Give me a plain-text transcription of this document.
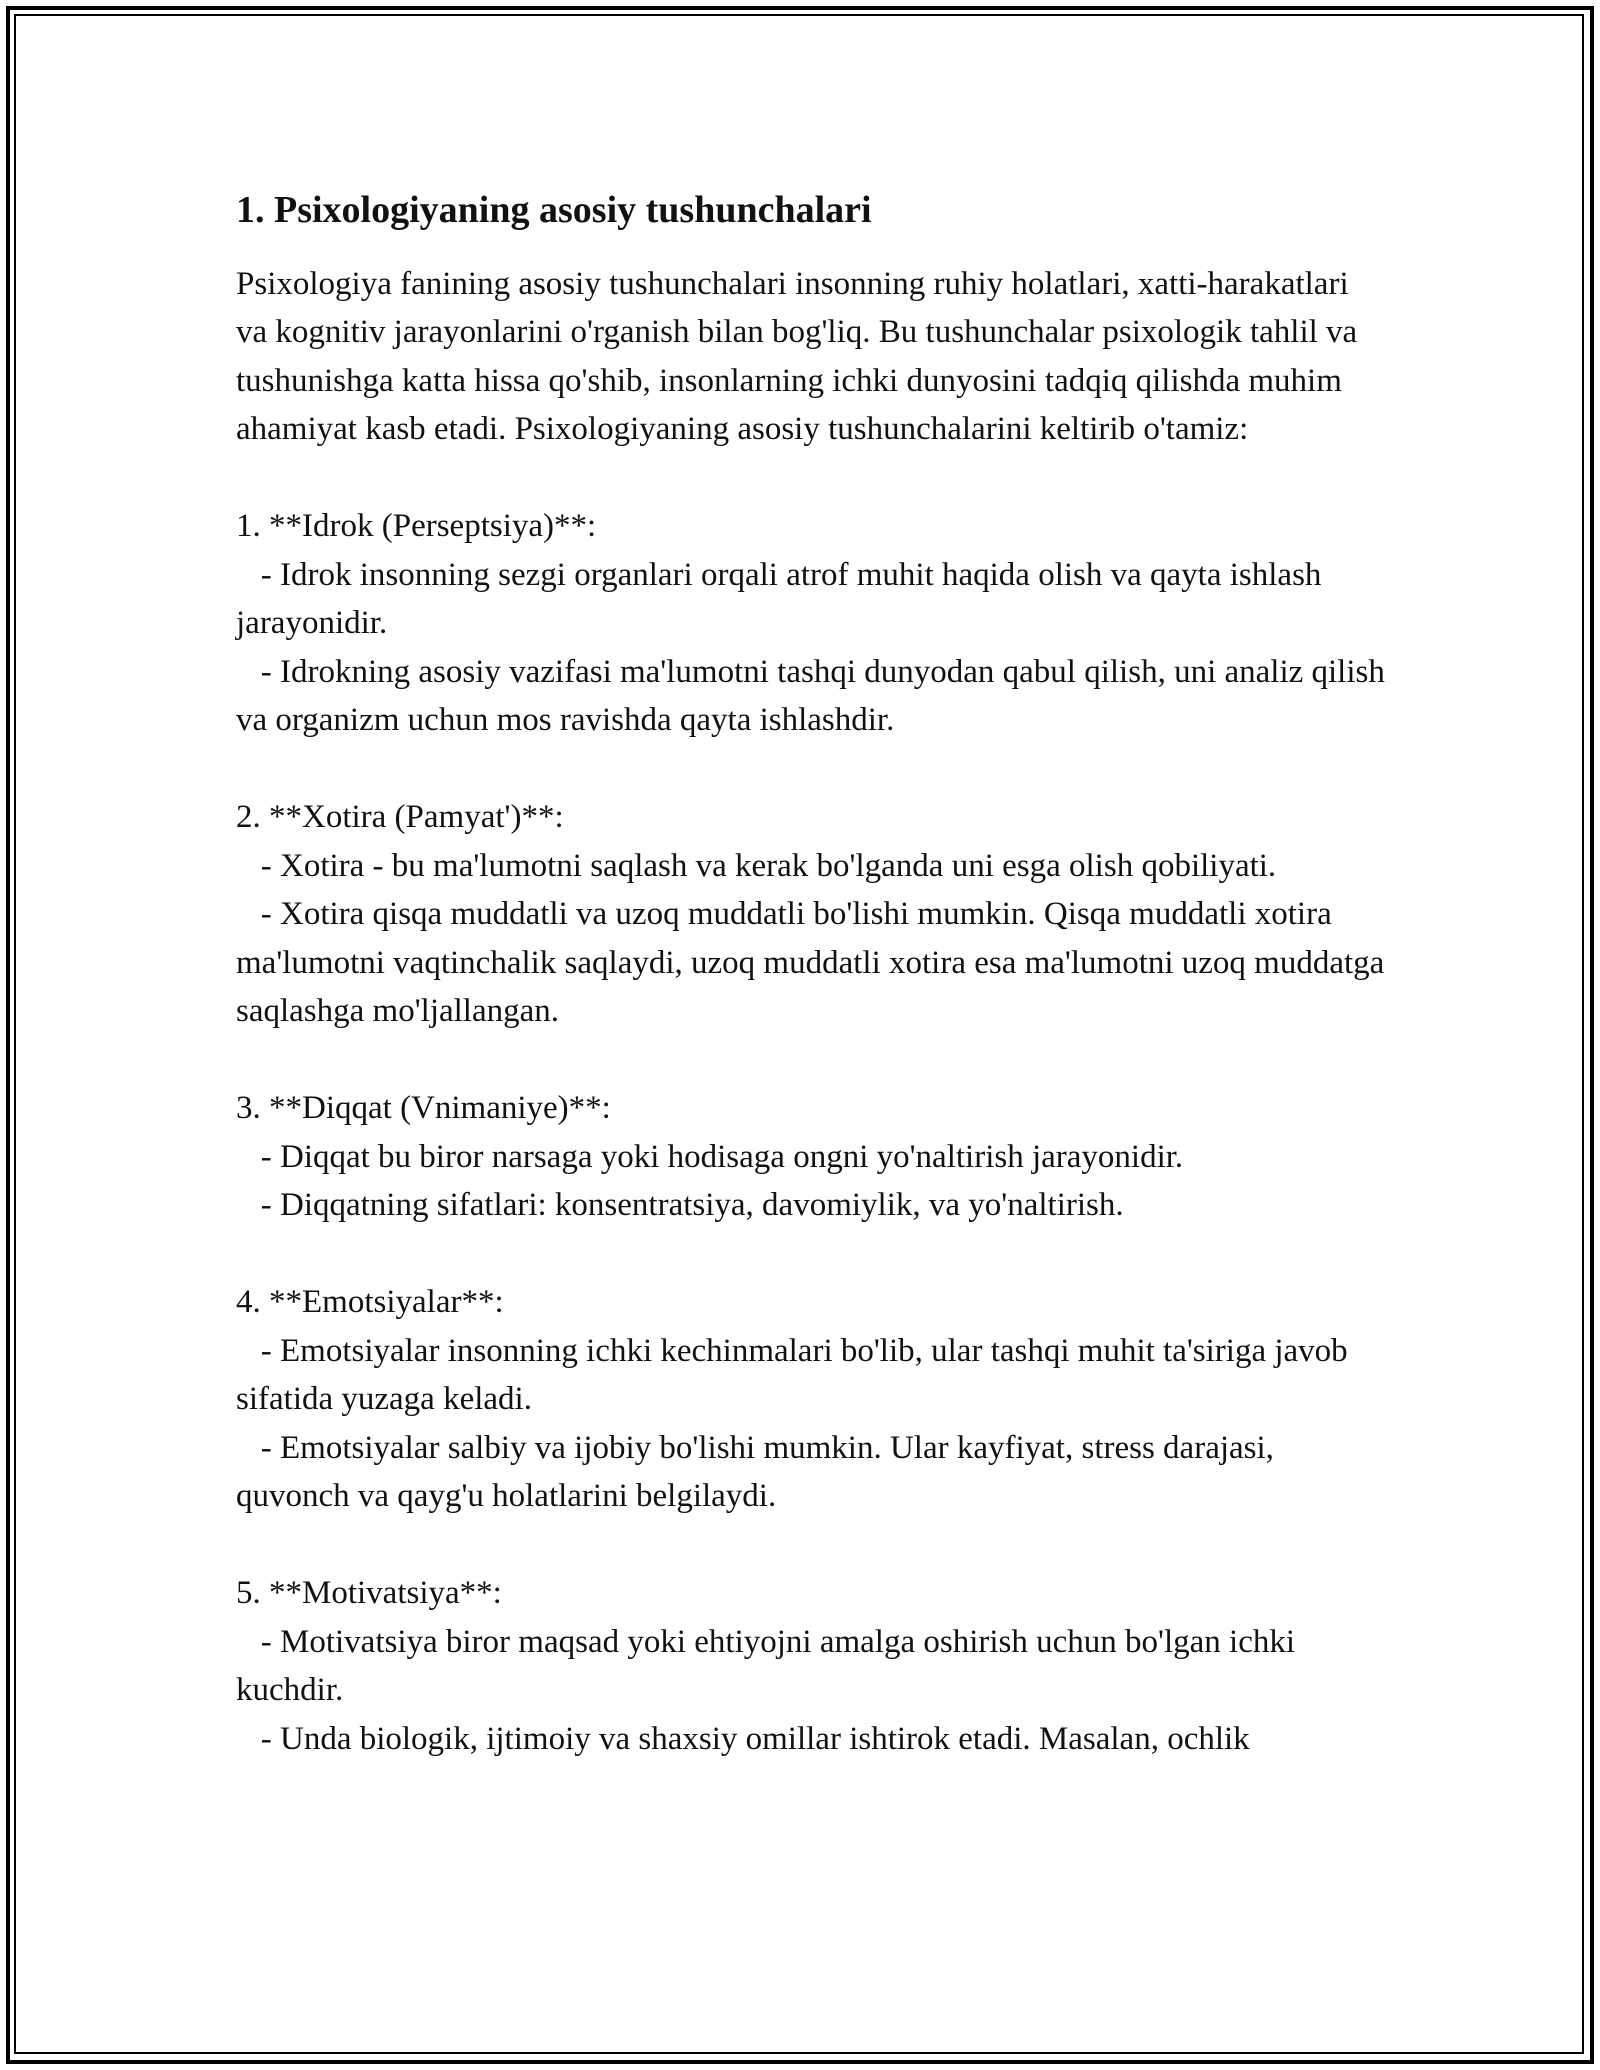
1. Psixologiyaning asosiy tushunchalari

Psixologiya fanining asosiy tushunchalari insonning ruhiy holatlari, xatti-harakatlari va kognitiv jarayonlarini o'rganish bilan bog'liq. Bu tushunchalar psixologik tahlil va tushunishga katta hissa qo'shib, insonlarning ichki dunyosini tadqiq qilishda muhim ahamiyat kasb etadi. Psixologiyaning asosiy tushunchalarini keltirib o'tamiz:

1. **Idrok (Perseptsiya)**:

- Idrok insonning sezgi organlari orqali atrof muhit haqida olish va qayta ishlash jarayonidir.

- Idrokning asosiy vazifasi ma'lumotni tashqi dunyodan qabul qilish, uni analiz qilish va organizm uchun mos ravishda qayta ishlashdir.

2. **Xotira (Pamyat')**:

- Xotira - bu ma'lumotni saqlash va kerak bo'lganda uni esga olish qobiliyati.

- Xotira qisqa muddatli va uzoq muddatli bo'lishi mumkin. Qisqa muddatli xotira ma'lumotni vaqtinchalik saqlaydi, uzoq muddatli xotira esa ma'lumotni uzoq muddatga saqlashga mo'ljallangan.

3. **Diqqat (Vnimaniye)**:

- Diqqat bu biror narsaga yoki hodisaga ongni yo'naltirish jarayonidir.

- Diqqatning sifatlari: konsentratsiya, davomiylik, va yo'naltirish.

4. **Emotsiyalar**:

- Emotsiyalar insonning ichki kechinmalari bo'lib, ular tashqi muhit ta'siriga javob sifatida yuzaga keladi.

- Emotsiyalar salbiy va ijobiy bo'lishi mumkin. Ular kayfiyat, stress darajasi, quvonch va qayg'u holatlarini belgilaydi.

5. **Motivatsiya**:

- Motivatsiya biror maqsad yoki ehtiyojni amalga oshirish uchun bo'lgan ichki kuchdir.

- Unda biologik, ijtimoiy va shaxsiy omillar ishtirok etadi. Masalan, ochlik
